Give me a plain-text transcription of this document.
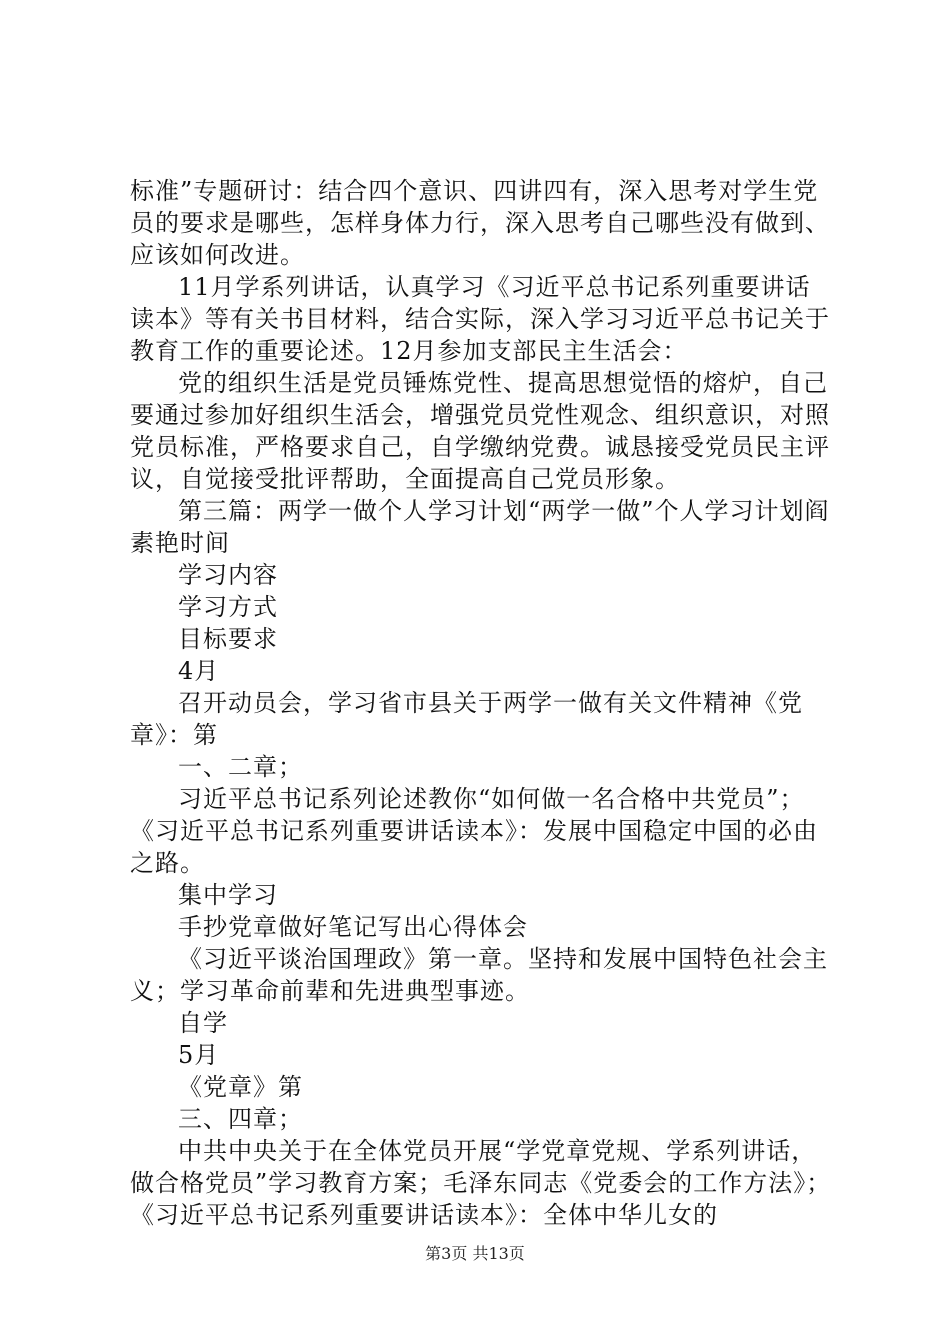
标准”专题研讨：结合四个意识、四讲四有，深入思考对学生党员的要求是哪些，怎样身体力行，深入思考自己哪些没有做到、应该如何改进。

11月学系列讲话，认真学习《习近平总书记系列重要讲话读本》等有关书目材料，结合实际，深入学习习近平总书记关于教育工作的重要论述。12月参加支部民主生活会：

党的组织生活是党员锤炼党性、提高思想觉悟的熔炉，自己要通过参加好组织生活会，增强党员党性观念、组织意识，对照党员标准，严格要求自己，自学缴纳党费。诚恳接受党员民主评议，自觉接受批评帮助，全面提高自己党员形象。

第三篇：两学一做个人学习计划“两学一做”个人学习计划阎素艳时间

学习内容

学习方式

目标要求

4月

召开动员会，学习省市县关于两学一做有关文件精神《党章》：第

一、二章；

习近平总书记系列论述教你“如何做一名合格中共党员”；《习近平总书记系列重要讲话读本》：发展中国稳定中国的必由之路。

集中学习

手抄党章做好笔记写出心得体会

《习近平谈治国理政》第一章。坚持和发展中国特色社会主义；学习革命前辈和先进典型事迹。

自学

5月

《党章》第

三、四章；

中共中央关于在全体党员开展“学党章党规、学系列讲话，做合格党员”学习教育方案；毛泽东同志《党委会的工作方法》；《习近平总书记系列重要讲话读本》：全体中华儿女的

第3页 共13页
